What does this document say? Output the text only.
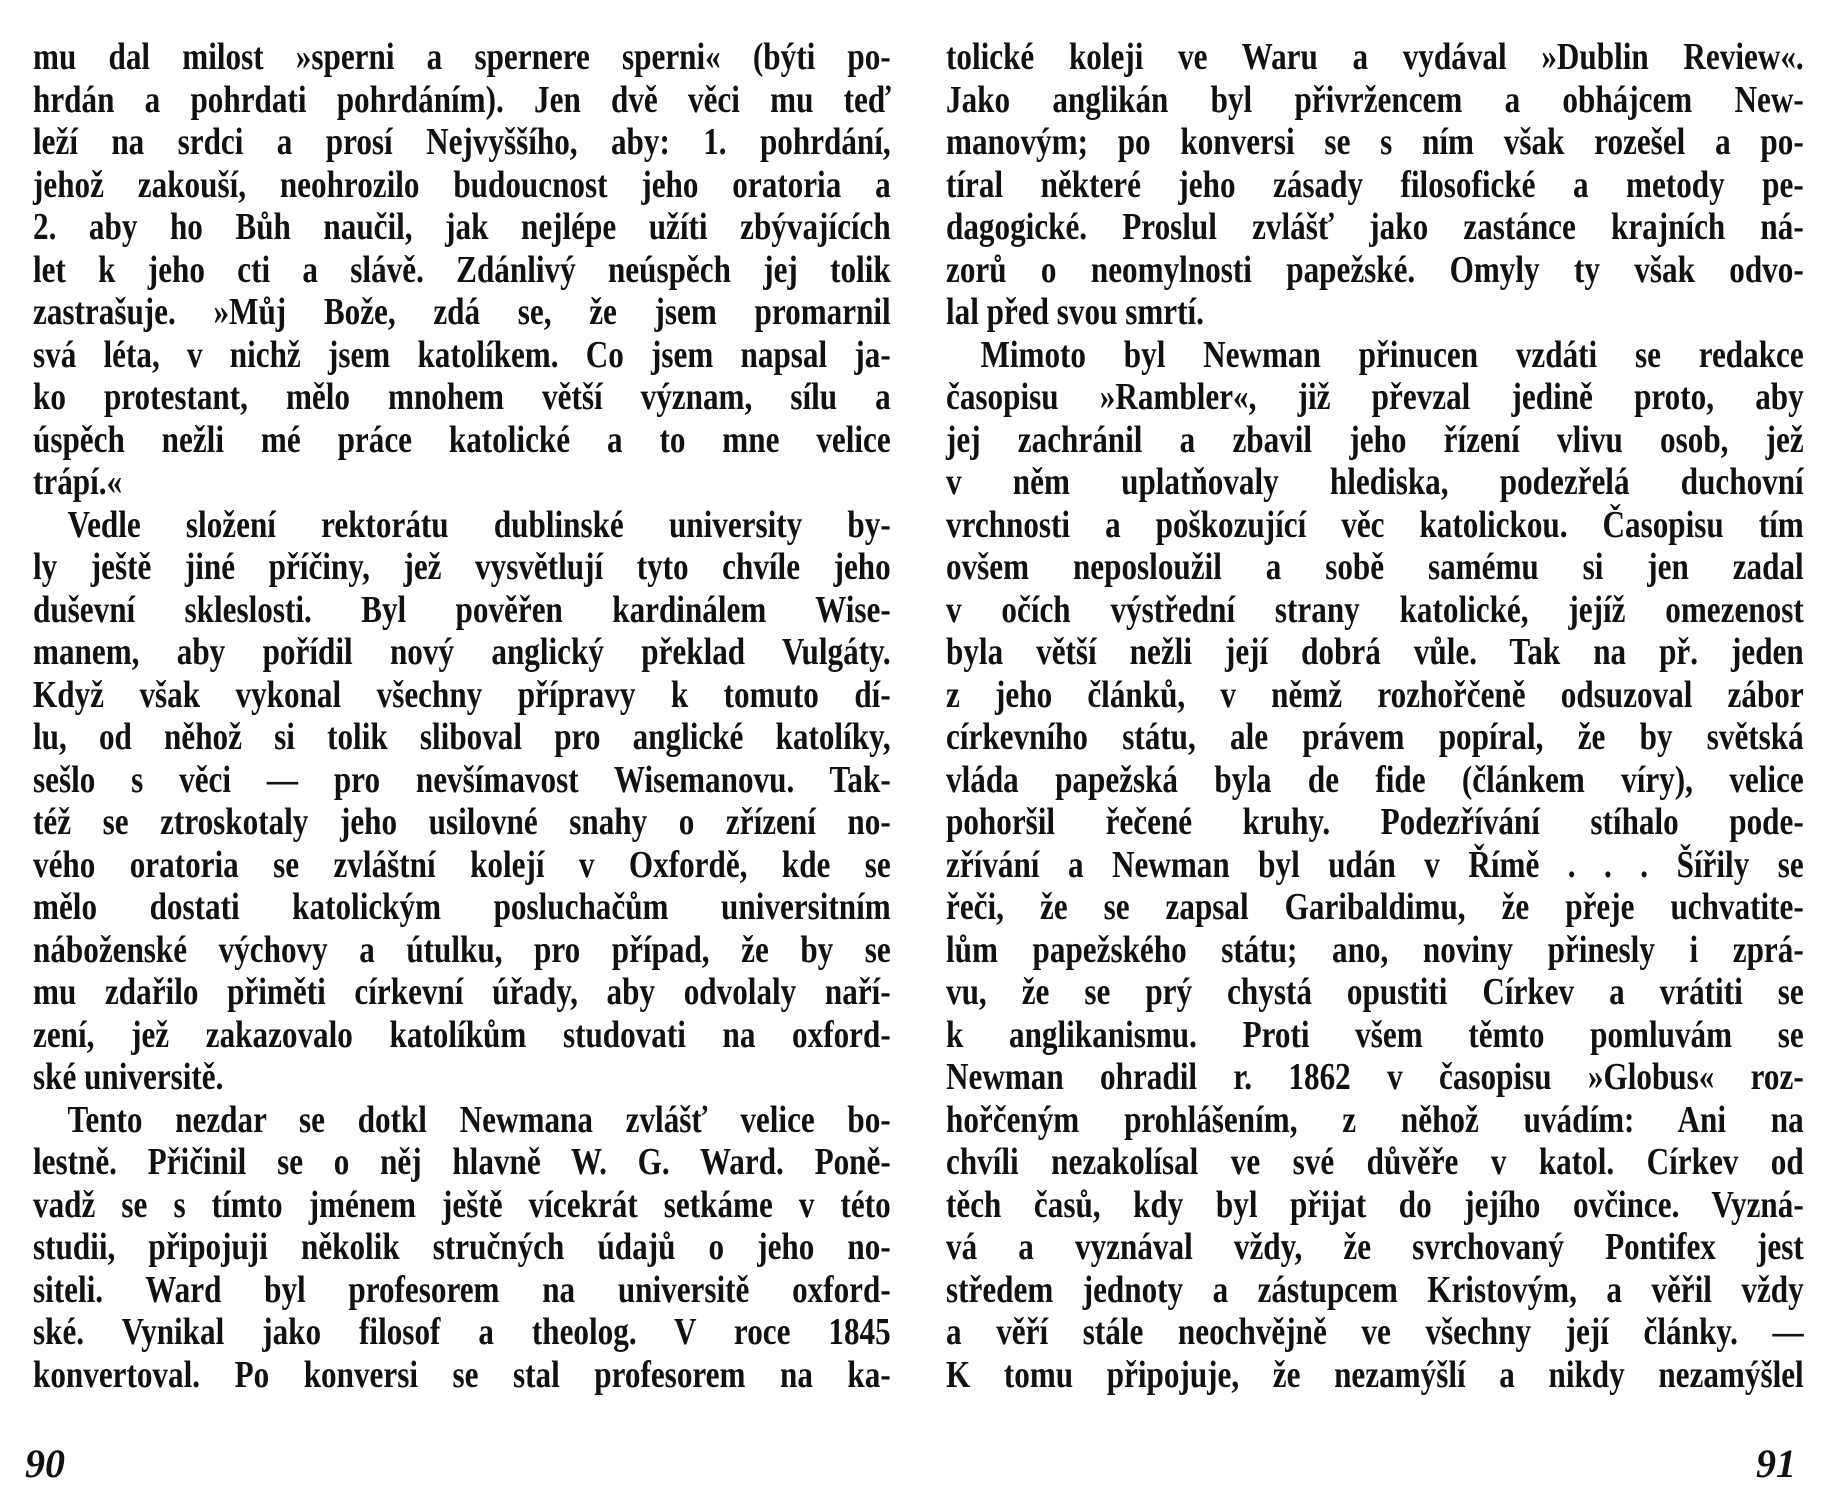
mu dal milost »sperni a spernere sperni« (býti po-
hrdán a pohrdati pohrdáním). Jen dvě věci mu teď
leží na srdci a prosí Nejvyššího, aby: 1. pohrdání,
jehož zakouší, neohrozilo budoucnost jeho oratoria a
2. aby ho Bůh naučil, jak nejlépe užíti zbývajících
let k jeho cti a slávě. Zdánlivý neúspěch jej tolik
zastrašuje. »Můj Bože, zdá se, že jsem promarnil
svá léta, v nichž jsem katolíkem. Co jsem napsal ja-
ko protestant, mělo mnohem větší význam, sílu a
úspěch nežli mé práce katolické a to mne velice
trápí.«
Vedle složení rektorátu dublinské university by-
ly ještě jiné příčiny, jež vysvětlují tyto chvíle jeho
duševní skleslosti. Byl pověřen kardinálem Wise-
manem, aby pořídil nový anglický překlad Vulgáty.
Když však vykonal všechny přípravy k tomuto dí-
lu, od něhož si tolik sliboval pro anglické katolíky,
sešlo s věci — pro nevšímavost Wisemanovu. Tak-
též se ztroskotaly jeho usilovné snahy o zřízení no-
vého oratoria se zvláštní kolejí v Oxfordě, kde se
mělo dostati katolickým posluchačům universitním
náboženské výchovy a útulku, pro případ, že by se
mu zdařilo přiměti církevní úřady, aby odvolaly naří-
zení, jež zakazovalo katolíkům studovati na oxford-
ské universitě.
Tento nezdar se dotkl Newmana zvlášť velice bo-
lestně. Přičinil se o něj hlavně W. G. Ward. Poně-
vadž se s tímto jménem ještě vícekrát setkáme v této
studii, připojuji několik stručných údajů o jeho no-
siteli. Ward byl profesorem na universitě oxford-
ské. Vynikal jako filosof a theolog. V roce 1845
konvertoval. Po konversi se stal profesorem na ka-
90
tolické koleji ve Waru a vydával »Dublin Review«.
Jako anglikán byl přivržencem a obhájcem New-
manovým; po konversi se s ním však rozešel a po-
tíral některé jeho zásady filosofické a metody pe-
dagogické. Proslul zvlášť jako zastánce krajních ná-
zorů o neomylnosti papežské. Omyly ty však odvo-
lal před svou smrtí.
Mimoto byl Newman přinucen vzdáti se redakce
časopisu »Rambler«, již převzal jedině proto, aby
jej zachránil a zbavil jeho řízení vlivu osob, jež
v něm uplatňovaly hlediska, podezřelá duchovní
vrchnosti a poškozující věc katolickou. Časopisu tím
ovšem neposloužil a sobě samému si jen zadal
v očích výstřední strany katolické, jejíž omezenost
byla větší nežli její dobrá vůle. Tak na př. jeden
z jeho článků, v němž rozhořčeně odsuzoval zábor
církevního státu, ale právem popíral, že by světská
vláda papežská byla de fide (článkem víry), velice
pohoršil řečené kruhy. Podezřívání stíhalo pode-
zřívání a Newman byl udán v Římě . . . Šířily se
řeči, že se zapsal Garibaldimu, že přeje uchvatite-
lům papežského státu; ano, noviny přinesly i zprá-
vu, že se prý chystá opustiti Církev a vrátiti se
k anglikanismu. Proti všem těmto pomluvám se
Newman ohradil r. 1862 v časopisu »Globus« roz-
hořčeným prohlášením, z něhož uvádím: Ani na
chvíli nezakolísal ve své důvěře v katol. Církev od
těch časů, kdy byl přijat do jejího ovčince. Vyzná-
vá a vyznával vždy, že svrchovaný Pontifex jest
středem jednoty a zástupcem Kristovým, a věřil vždy
a věří stále neochvějně ve všechny její články. —
K tomu připojuje, že nezamýšlí a nikdy nezamýšlel
91
